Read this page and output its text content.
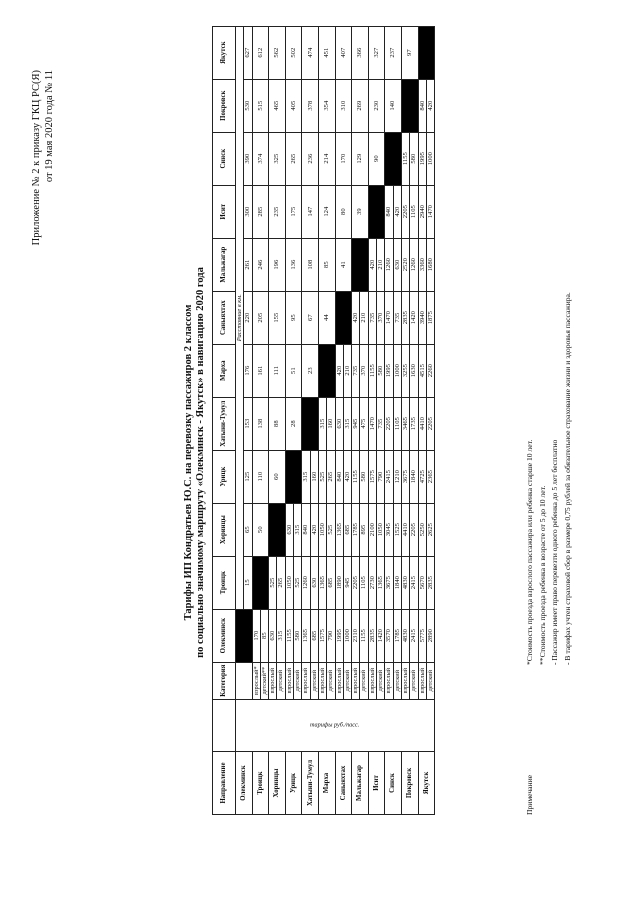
Приложение № 2 к приказу ГКЦ РС(Я) от 19 мая 2020 года № 11
Тарифы ИП Кондратьев Ю.С. на перевозку пассажиров 2 классом по социально значимому маршруту «Олекминск - Якутск» в навигацию 2020 года
Направление		Категория	Олекминск	Троицк	Хоринцы	Урицк	Хатыни-Тумул	Марха	Саныяхтах	Мальжагар	Исит	Синск	Покровск	Якутск
Олекминск	тарифы руб./пасс.			Расстояние в км.										
				15	65	125	153	176	220	261	300	390	530	627
Троицк		взрослый*	170		50	110	138	161	205	246	285	374	515	612
		детский**	85											
Хоринцы		взрослый	630	525		60	88	111	155	196	235	325	465	562
		детский	315	265										
Урицк		взрослый	1155	1050	630		28	51	95	136	175	265	405	502
		детский	580	525	315									
Хатыни-Тумул		взрослый	1365	1260	840	315		23	67	108	147	236	378	474
		детский	685	630	420	160								
Марха		взрослый	1575	1365	1050	525	315		44	85	124	214	354	451
		детский	790	685	525	265	160							
Саныяхтах		взрослый	1995	1890	1365	840	630	420		41	80	170	310	407
		детский	1000	945	685	420	315	210						
Мальжагар		взрослый	2310	2205	1785	1155	945	735	420		39	129	269	366
		детский	1155	1105	895	580	475	370	210					
Исит		взрослый	2835	2730	2100	1575	1470	1155	735	420		90	230	327
		детский	1420	1365	1050	790	735	580	370	210				
Синск		взрослый	3570	3675	3045	2415	2205	1995	1470	1260	840		140	237
		детский	1785	1840	1525	1210	1105	1000	735	630	420			
Покровск		взрослый	4830	4830	4410	3675	3465	3255	2835	2520	2205	1155		97
		детский	2415	2415	2205	1840	1735	1630	1420	1260	1105	580		
Якутск		взрослый	5775	5670	5250	4725	4410	4515	3940	3360	2940	1995	840	
		детский	2890	2835	2625	2365	2205	2260	1875	1680	1470	1000	420	
Примечание
*Стоимость проезда взрослого пассажира или ребенка старше 10 лет. **Стоимость проезда ребенка в возрасте от 5 до 10 лет. - Пассажир имеет право перевезти одного ребенка до 5 лет бесплатно - В тарифах учтен страховой сбор в размере 0,75 рублей за обязательное страхование жизни и здоровья пассажира.
